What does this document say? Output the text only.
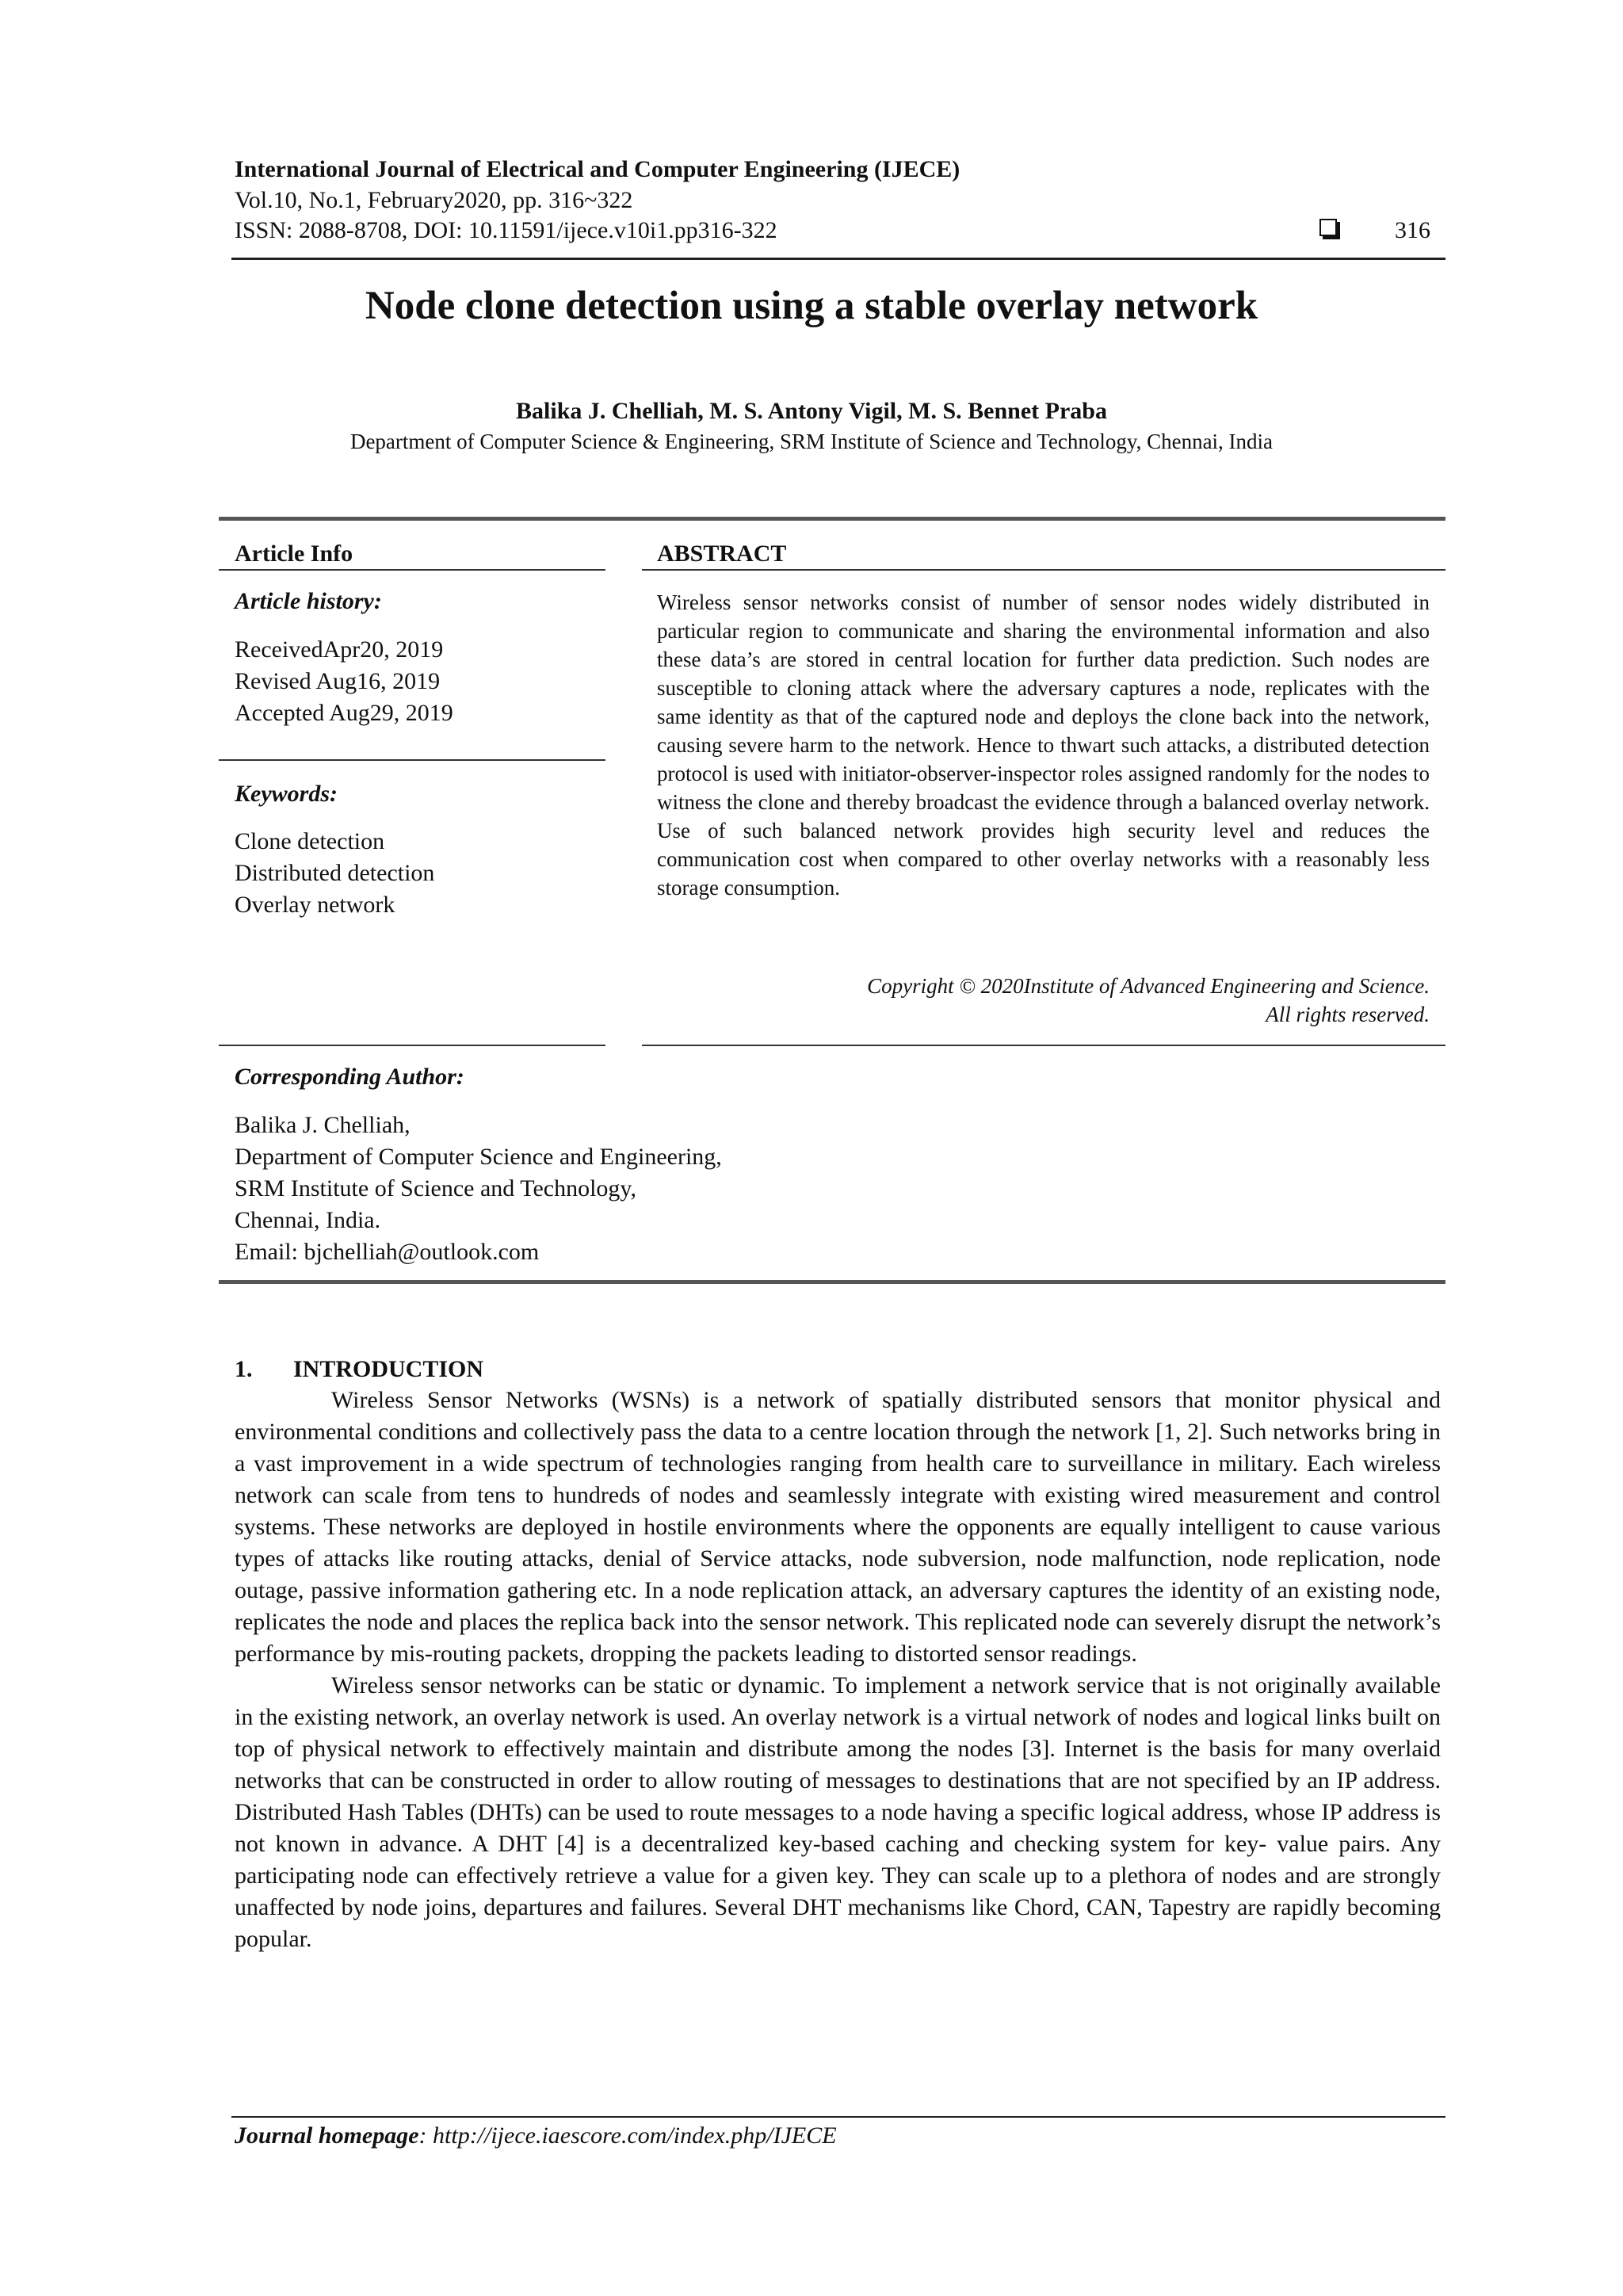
International Journal of Electrical and Computer Engineering (IJECE)
Vol.10, No.1, February2020, pp. 316~322
ISSN: 2088-8708, DOI: 10.11591/ijece.v10i1.pp316-322	316
Node clone detection using a stable overlay network
Balika J. Chelliah, M. S. Antony Vigil, M. S. Bennet Praba
Department of Computer Science & Engineering, SRM Institute of Science and Technology, Chennai, India
Article Info	ABSTRACT
Article history:
ReceivedApr20, 2019
Revised Aug16, 2019
Accepted Aug29, 2019
Keywords:
Clone detection
Distributed detection
Overlay network
Wireless sensor networks consist of number of sensor nodes widely distributed in particular region to communicate and sharing the environmental information and also these data’s are stored in central location for further data prediction. Such nodes are susceptible to cloning attack where the adversary captures a node, replicates with the same identity as that of the captured node and deploys the clone back into the network, causing severe harm to the network. Hence to thwart such attacks, a distributed detection protocol is used with initiator-observer-inspector roles assigned randomly for the nodes to witness the clone and thereby broadcast the evidence through a balanced overlay network. Use of such balanced network provides high security level and reduces the communication cost when compared to other overlay networks with a reasonably less storage consumption.
Copyright © 2020Institute of Advanced Engineering and Science.
All rights reserved.
Corresponding Author:
Balika J. Chelliah,
Department of Computer Science and Engineering,
SRM Institute of Science and Technology,
Chennai, India.
Email: bjchelliah@outlook.com
1. INTRODUCTION

Wireless Sensor Networks (WSNs) is a network of spatially distributed sensors that monitor physical and environmental conditions and collectively pass the data to a centre location through the network [1, 2]. Such networks bring in a vast improvement in a wide spectrum of technologies ranging from health care to surveillance in military. Each wireless network can scale from tens to hundreds of nodes and seamlessly integrate with existing wired measurement and control systems. These networks are deployed in hostile environments where the opponents are equally intelligent to cause various types of attacks like routing attacks, denial of Service attacks, node subversion, node malfunction, node replication, node outage, passive information gathering etc. In a node replication attack, an adversary captures the identity of an existing node, replicates the node and places the replica back into the sensor network. This replicated node can severely disrupt the network’s performance by mis-routing packets, dropping the packets leading to distorted sensor readings.

Wireless sensor networks can be static or dynamic. To implement a network service that is not originally available in the existing network, an overlay network is used. An overlay network is a virtual network of nodes and logical links built on top of physical network to effectively maintain and distribute among the nodes [3]. Internet is the basis for many overlaid networks that can be constructed in order to allow routing of messages to destinations that are not specified by an IP address. Distributed Hash Tables (DHTs) can be used to route messages to a node having a specific logical address, whose IP address is not known in advance. A DHT [4] is a decentralized key-based caching and checking system for key- value pairs. Any participating node can effectively retrieve a value for a given key. They can scale up to a plethora of nodes and are strongly unaffected by node joins, departures and failures. Several DHT mechanisms like Chord, CAN, Tapestry are rapidly becoming popular.

Journal homepage: http://ijece.iaescore.com/index.php/IJECE
